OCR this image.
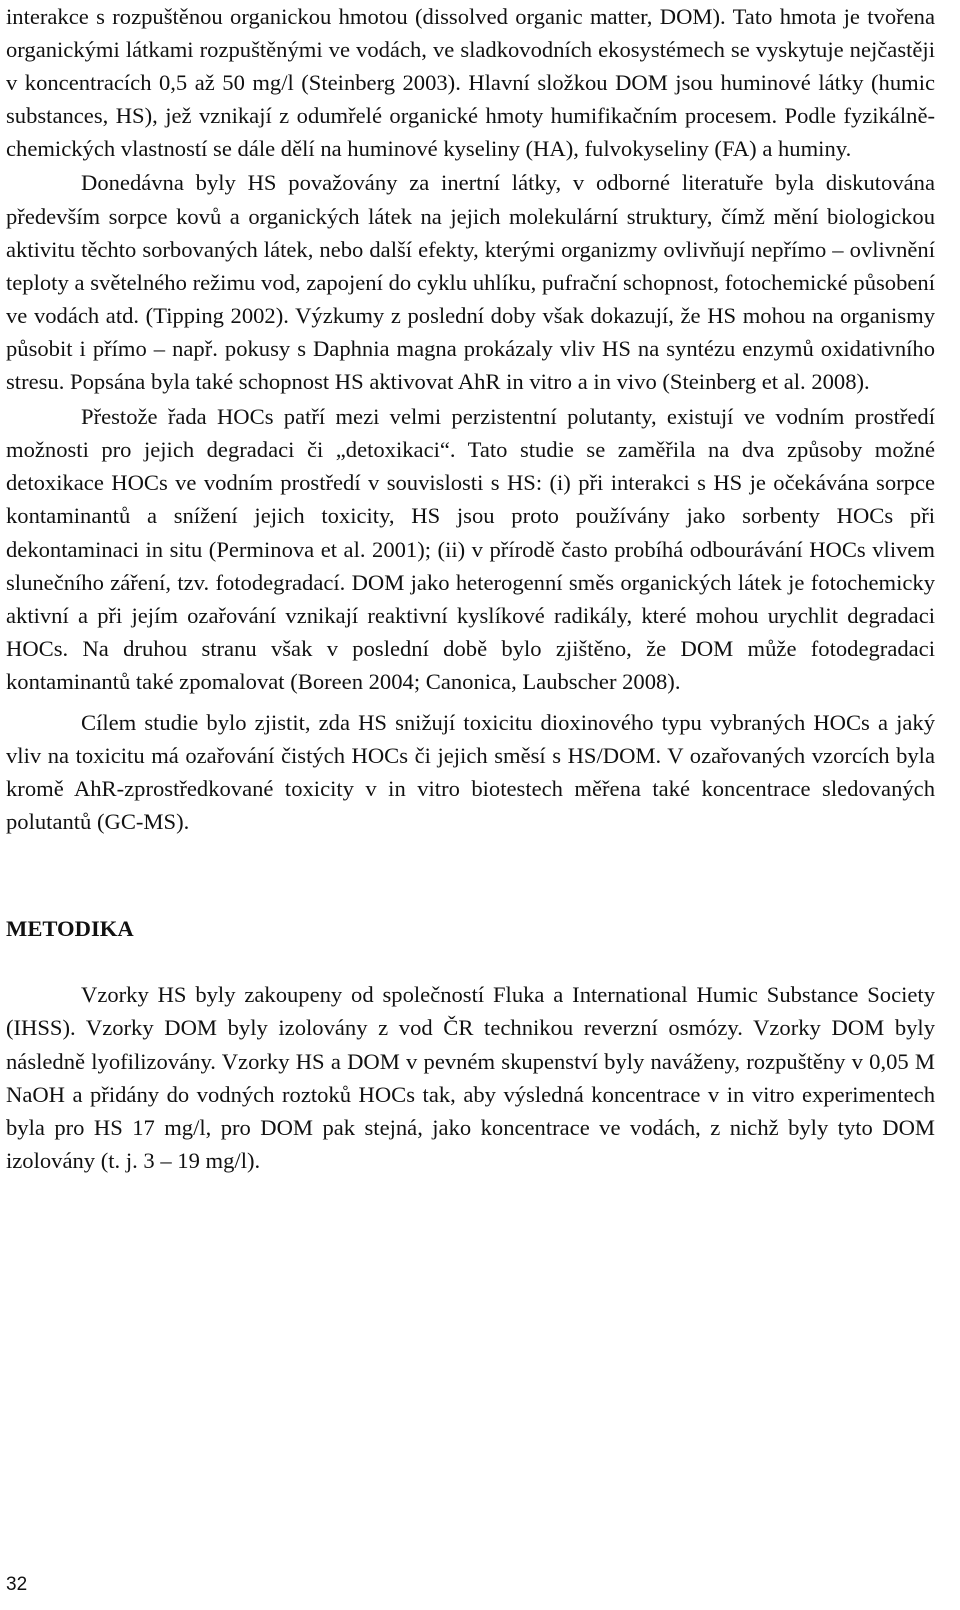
interakce s rozpuštěnou organickou hmotou (dissolved organic matter, DOM). Tato hmota je tvořena organickými látkami rozpuštěnými ve vodách, ve sladkovodních ekosystémech se vyskytuje nejčastěji v koncentracích 0,5 až 50 mg/l (Steinberg 2003). Hlavní složkou DOM jsou huminové látky (humic substances, HS), jež vznikají z odumřelé organické hmoty humifikačním procesem. Podle fyzikálně-chemických vlastností se dále dělí na huminové kyseliny (HA), fulvokyseliny (FA) a huminy.

Donedávna byly HS považovány za inertní látky, v odborné literatuře byla diskutována především sorpce kovů a organických látek na jejich molekulární struktury, čímž mění biologickou aktivitu těchto sorbovaných látek, nebo další efekty, kterými organizmy ovlivňují nepřímo – ovlivnění teploty a světelného režimu vod, zapojení do cyklu uhlíku, pufrační schopnost, fotochemické působení ve vodách atd. (Tipping 2002). Výzkumy z poslední doby však dokazují, že HS mohou na organismy působit i přímo – např. pokusy s Daphnia magna prokázaly vliv HS na syntézu enzymů oxidativního stresu. Popsána byla také schopnost HS aktivovat AhR in vitro a in vivo (Steinberg et al. 2008).

Přestože řada HOCs patří mezi velmi perzistentní polutanty, existují ve vodním prostředí možnosti pro jejich degradaci či „detoxikaci“. Tato studie se zaměřila na dva způsoby možné detoxikace HOCs ve vodním prostředí v souvislosti s HS: (i) při interakci s HS je očekávána sorpce kontaminantů a snížení jejich toxicity, HS jsou proto používány jako sorbenty HOCs při dekontaminaci in situ (Perminova et al. 2001); (ii) v přírodě často probíhá odbourávání HOCs vlivem slunečního záření, tzv. fotodegradací. DOM jako heterogenní směs organických látek je fotochemicky aktivní a při jejím ozařování vznikají reaktivní kyslíkové radikály, které mohou urychlit degradaci HOCs. Na druhou stranu však v poslední době bylo zjištěno, že DOM může fotodegradaci kontaminantů také zpomalovat (Boreen 2004; Canonica, Laubscher 2008).

Cílem studie bylo zjistit, zda HS snižují toxicitu dioxinového typu vybraných HOCs a jaký vliv na toxicitu má ozařování čistých HOCs či jejich směsí s HS/DOM. V ozařovaných vzorcích byla kromě AhR-zprostředkované toxicity v in vitro biotestech měřena také koncentrace sledovaných polutantů (GC-MS).

METODIKA

Vzorky HS byly zakoupeny od společností Fluka a International Humic Substance Society (IHSS). Vzorky DOM byly izolovány z vod ČR technikou reverzní osmózy. Vzorky DOM byly následně lyofilizovány. Vzorky HS a DOM v pevném skupenství byly naváženy, rozpuštěny v 0,05 M NaOH a přidány do vodných roztoků HOCs tak, aby výsledná koncentrace v in vitro experimentech byla pro HS 17 mg/l, pro DOM pak stejná, jako koncentrace ve vodách, z nichž byly tyto DOM izolovány (t. j. 3 – 19 mg/l).

32
